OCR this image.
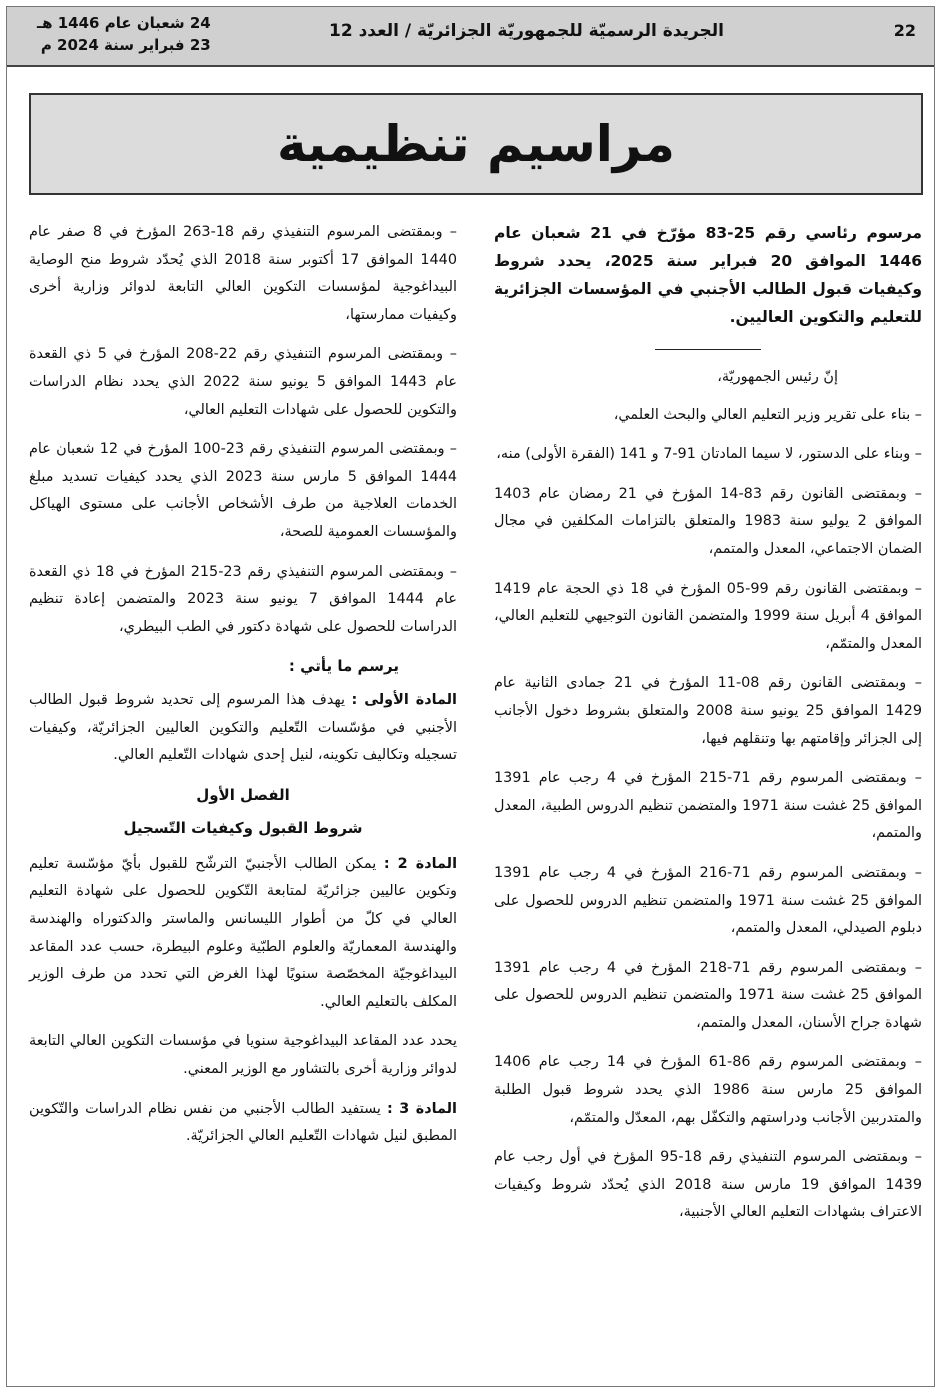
22
الجريدة الرسميّة للجمهوريّة الجزائريّة / العدد 12
24 شعبان عام 1446 هـ
23 فبراير سنة 2024 م
مراسيم تنظيمية

مرسوم رئاسي رقم 25-83 مؤرّخ في 21 شعبان عام 1446 الموافق 20 فبراير سنة 2025، يحدد شروط وكيفيات قبول الطالب الأجنبي في المؤسسات الجزائرية للتعليم والتكوين العاليين.

إنّ رئيس الجمهوريّة،

– بناء على تقرير وزير التعليم العالي والبحث العلمي،

– وبناء على الدستور، لا سيما المادتان 91-7 و 141 (الفقرة الأولى) منه،

– وبمقتضى القانون رقم 83-14 المؤرخ في 21 رمضان عام 1403 الموافق 2 يوليو سنة 1983 والمتعلق بالتزامات المكلفين في مجال الضمان الاجتماعي، المعدل والمتمم،

– وبمقتضى القانون رقم 99-05 المؤرخ في 18 ذي الحجة عام 1419 الموافق 4 أبريل سنة 1999 والمتضمن القانون التوجيهي للتعليم العالي، المعدل والمتمّم،

– وبمقتضى القانون رقم 08-11 المؤرخ في 21 جمادى الثانية عام 1429 الموافق 25 يونيو سنة 2008 والمتعلق بشروط دخول الأجانب إلى الجزائر وإقامتهم بها وتنقلهم فيها،

– وبمقتضى المرسوم رقم 71-215 المؤرخ في 4 رجب عام 1391 الموافق 25 غشت سنة 1971 والمتضمن تنظيم الدروس الطبية، المعدل والمتمم،

– وبمقتضى المرسوم رقم 71-216 المؤرخ في 4 رجب عام 1391 الموافق 25 غشت سنة 1971 والمتضمن تنظيم الدروس للحصول على دبلوم الصيدلي، المعدل والمتمم،

– وبمقتضى المرسوم رقم 71-218 المؤرخ في 4 رجب عام 1391 الموافق 25 غشت سنة 1971 والمتضمن تنظيم الدروس للحصول على شهادة جراح الأسنان، المعدل والمتمم،

– وبمقتضى المرسوم رقم 86-61 المؤرخ في 14 رجب عام 1406 الموافق 25 مارس سنة 1986 الذي يحدد شروط قبول الطلبة والمتدربين الأجانب ودراستهم والتكفّل بهم، المعدّل والمتمّم،

– وبمقتضى المرسوم التنفيذي رقم 18-95 المؤرخ في أول رجب عام 1439 الموافق 19 مارس سنة 2018 الذي يُحدّد شروط وكيفيات الاعتراف بشهادات التعليم العالي الأجنبية،

– وبمقتضى المرسوم التنفيذي رقم 18-263 المؤرخ في 8 صفر عام 1440 الموافق 17 أكتوبر سنة 2018 الذي يُحدّد شروط منح الوصاية البيداغوجية لمؤسسات التكوين العالي التابعة لدوائر وزارية أخرى وكيفيات ممارستها،

– وبمقتضى المرسوم التنفيذي رقم 22-208 المؤرخ في 5 ذي القعدة عام 1443 الموافق 5 يونيو سنة 2022 الذي يحدد نظام الدراسات والتكوين للحصول على شهادات التعليم العالي،

– وبمقتضى المرسوم التنفيذي رقم 23-100 المؤرخ في 12 شعبان عام 1444 الموافق 5 مارس سنة 2023 الذي يحدد كيفيات تسديد مبلغ الخدمات العلاجية من طرف الأشخاص الأجانب على مستوى الهياكل والمؤسسات العمومية للصحة،

– وبمقتضى المرسوم التنفيذي رقم 23-215 المؤرخ في 18 ذي القعدة عام 1444 الموافق 7 يونيو سنة 2023 والمتضمن إعادة تنظيم الدراسات للحصول على شهادة دكتور في الطب البيطري،

يرسم ما يأتي :

المادة الأولى : يهدف هذا المرسوم إلى تحديد شروط قبول الطالب الأجنبي في مؤسّسات التّعليم والتكوين العاليين الجزائريّة، وكيفيات تسجيله وتكاليف تكوينه، لنيل إحدى شهادات التّعليم العالي.

الفصل الأول

شروط القبول وكيفيات التّسجيل

المادة 2 : يمكن الطالب الأجنبيّ الترشّح للقبول بأيّ مؤسّسة تعليم وتكوين عاليين جزائريّة لمتابعة التّكوين للحصول على شهادة التعليم العالي في كلّ من أطوار الليسانس والماستر والدكتوراه والهندسة والهندسة المعماريّة والعلوم الطبّية وعلوم البيطرة، حسب عدد المقاعد البيداغوجيّة المخصّصة سنويًا لهذا الغرض التي تحدد من طرف الوزير المكلف بالتعليم العالي.

يحدد عدد المقاعد البيداغوجية سنويا في مؤسسات التكوين العالي التابعة لدوائر وزارية أخرى بالتشاور مع الوزير المعني.

المادة 3 : يستفيد الطالب الأجنبي من نفس نظام الدراسات والتّكوين المطبق لنيل شهادات التّعليم العالي الجزائريّة.
